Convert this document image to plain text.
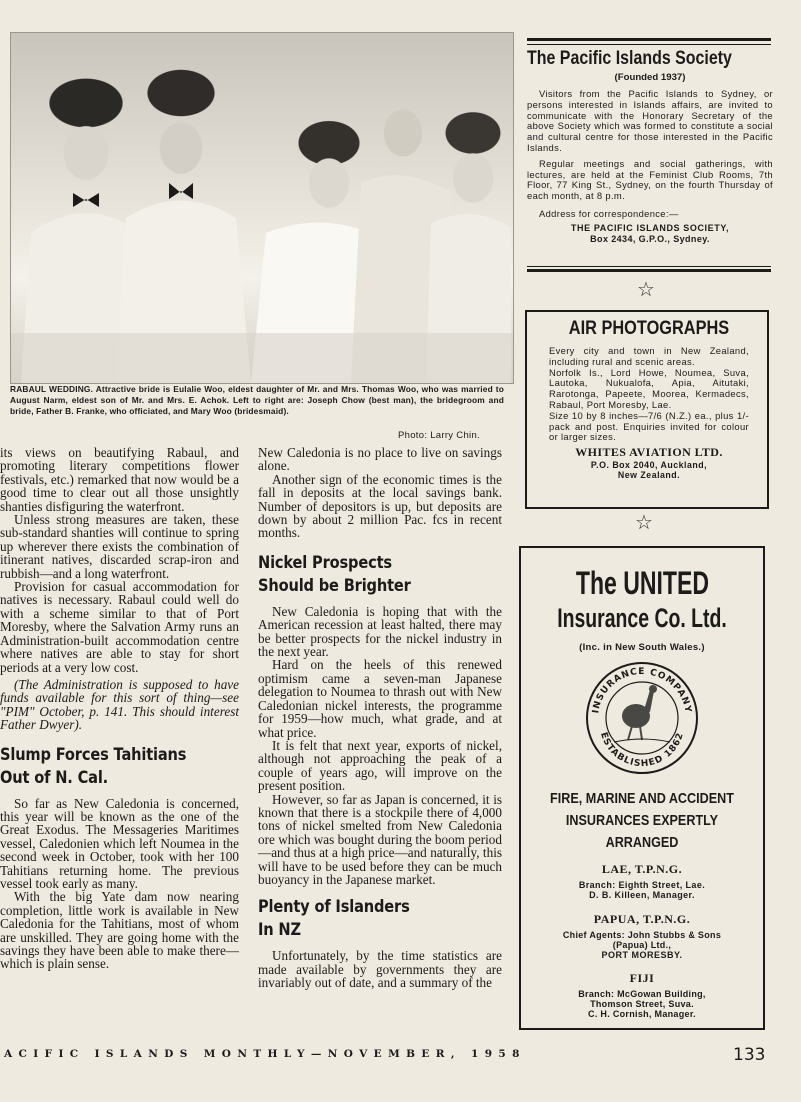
RABAUL WEDDING. Attractive bride is Eulalie Woo, eldest daughter of Mr. and Mrs. Thomas Woo, who was married to August Narm, eldest son of Mr. and Mrs. E. Achok. Left to right are: Joseph Chow (best man), the bridegroom and bride, Father B. Franke, who officiated, and Mary Woo (bridesmaid).
Photo: Larry Chin.

its views on beautifying Rabaul, and promoting literary competitions flower festivals, etc.) remarked that now would be a good time to clear out all those unsightly shanties disfiguring the waterfront.

Unless strong measures are taken, these sub-standard shanties will continue to spring up wherever there exists the combination of itinerant natives, discarded scrap-iron and rubbish—and a long waterfront.

Provision for casual accommodation for natives is necessary. Rabaul could well do with a scheme similar to that of Port Moresby, where the Salvation Army runs an Administration-built accommodation centre where natives are able to stay for short periods at a very low cost.

(The Administration is supposed to have funds available for this sort of thing—see "PIM" October, p. 141. This should interest Father Dwyer).

Slump Forces Tahitians
Out of N. Cal.

So far as New Caledonia is concerned, this year will be known as the one of the Great Exodus. The Messageries Maritimes vessel, Caledonien which left Noumea in the second week in October, took with her 100 Tahitians returning home. The previous vessel took early as many.

With the big Yate dam now nearing completion, little work is available in New Caledonia for the Tahitians, most of whom are unskilled. They are going home with the savings they have been able to make there—which is plain sense.

New Caledonia is no place to live on savings alone.

Another sign of the economic times is the fall in deposits at the local savings bank. Number of depositors is up, but deposits are down by about 2 million Pac. fcs in recent months.

Nickel Prospects
Should be Brighter

New Caledonia is hoping that with the American recession at least halted, there may be better prospects for the nickel industry in the next year.

Hard on the heels of this renewed optimism came a seven-man Japanese delegation to Noumea to thrash out with New Caledonian nickel interests, the programme for 1959—how much, what grade, and at what price.

It is felt that next year, exports of nickel, although not approaching the peak of a couple of years ago, will improve on the present position.

However, so far as Japan is concerned, it is known that there is a stockpile there of 4,000 tons of nickel smelted from New Caledonia ore which was bought during the boom period—and thus at a high price—and naturally, this will have to be used before they can be much buoyancy in the Japanese market.

Plenty of Islanders
In NZ

Unfortunately, by the time statistics are made available by governments they are invariably out of date, and a summary of the

The Pacific Islands Society
(Founded 1937)
Visitors from the Pacific Islands to Sydney, or persons interested in Islands affairs, are invited to communicate with the Honorary Secretary of the above Society which was formed to constitute a social and cultural centre for those interested in the Pacific Islands.
Regular meetings and social gatherings, with lectures, are held at the Feminist Club Rooms, 7th Floor, 77 King St., Sydney, on the fourth Thursday of each month, at 8 p.m.
Address for correspondence:—
THE PACIFIC ISLANDS SOCIETY,
Box 2434, G.P.O., Sydney.
☆
AIR PHOTOGRAPHS
Every city and town in New Zealand, including rural and scenic areas.
Norfolk Is., Lord Howe, Noumea, Suva, Lautoka, Nukualofa, Apia, Aitutaki, Rarotonga, Papeete, Moorea, Kermadecs, Rabaul, Port Moresby, Lae.
Size 10 by 8 inches—7/6 (N.Z.) ea., plus 1/- pack and post. Enquiries invited for colour or larger sizes.
WHITES AVIATION LTD.
P.O. Box 2040, Auckland,
New Zealand.
☆
The UNITED
Insurance Co. Ltd.
(Inc. in New South Wales.)
INSURANCE COMPANY
ESTABLISHED 1862
FIRE, MARINE AND ACCIDENT
INSURANCES EXPERTLY
ARRANGED
LAE, T.P.N.G.
Branch: Eighth Street, Lae.
D. B. Killeen, Manager.
PAPUA, T.P.N.G.
Chief Agents: John Stubbs & Sons
(Papua) Ltd.,
PORT MORESBY.
FIJI
Branch: McGowan Building,
Thomson Street, Suva.
C. H. Cornish, Manager.
ACIFIC ISLANDS MONTHLY—NOVEMBER, 1958	133
